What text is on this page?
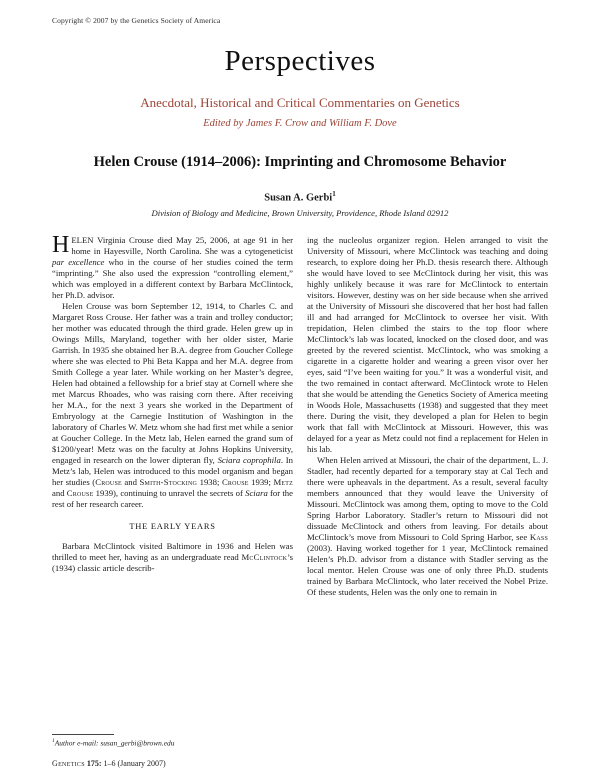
Copyright © 2007 by the Genetics Society of America
Perspectives
Anecdotal, Historical and Critical Commentaries on Genetics
Edited by James F. Crow and William F. Dove
Helen Crouse (1914–2006): Imprinting and Chromosome Behavior
Susan A. Gerbi$^1$
Division of Biology and Medicine, Brown University, Providence, Rhode Island 02912

HELEN Virginia Crouse died May 25, 2006, at age 91 in her home in Hayesville, North Carolina. She was a cytogeneticist par excellence who in the course of her studies coined the term “imprinting.” She also used the expression “controlling element,” which was employed in a different context by Barbara McClintock, her Ph.D. advisor.

Helen Crouse was born September 12, 1914, to Charles C. and Margaret Ross Crouse. Her father was a train and trolley conductor; her mother was educated through the third grade. Helen grew up in Owings Mills, Maryland, together with her older sister, Marie Garrish. In 1935 she obtained her B.A. degree from Goucher College where she was elected to Phi Beta Kappa and her M.A. degree from Smith College a year later. While working on her Master’s degree, Helen had obtained a fellowship for a brief stay at Cornell where she met Marcus Rhoades, who was raising corn there. After receiving her M.A., for the next 3 years she worked in the Department of Embryology at the Carnegie Institution of Washington in the laboratory of Charles W. Metz whom she had first met while a senior at Goucher College. In the Metz lab, Helen earned the grand sum of $1200/year! Metz was on the faculty at Johns Hopkins University, engaged in research on the lower dipteran fly, Sciara coprophila. In Metz’s lab, Helen was introduced to this model organism and began her studies (Crouse and Smith-Stocking 1938; Crouse 1939; Metz and Crouse 1939), continuing to unravel the secrets of Sciara for the rest of her research career.

THE EARLY YEARS

Barbara McClintock visited Baltimore in 1936 and Helen was thrilled to meet her, having as an undergraduate read McClintock’s (1934) classic article describ-

ing the nucleolus organizer region. Helen arranged to visit the University of Missouri, where McClintock was teaching and doing research, to explore doing her Ph.D. thesis research there. Although she would have loved to see McClintock during her visit, this was highly unlikely because it was rare for McClintock to entertain visitors. However, destiny was on her side because when she arrived at the University of Missouri she discovered that her host had fallen ill and had arranged for McClintock to oversee her visit. With trepidation, Helen climbed the stairs to the top floor where McClintock’s lab was located, knocked on the closed door, and was greeted by the revered scientist. McClintock, who was smoking a cigarette in a cigarette holder and wearing a green visor over her eyes, said “I’ve been waiting for you.” It was a wonderful visit, and the two remained in contact afterward. McClintock wrote to Helen that she would be attending the Genetics Society of America meeting in Woods Hole, Massachusetts (1938) and suggested that they meet there. During the visit, they developed a plan for Helen to begin work that fall with McClintock at Missouri. However, this was delayed for a year as Metz could not find a replacement for Helen in his lab.

When Helen arrived at Missouri, the chair of the department, L. J. Stadler, had recently departed for a temporary stay at Cal Tech and there were upheavals in the department. As a result, several faculty members announced that they would leave the University of Missouri. McClintock was among them, opting to move to the Cold Spring Harbor Laboratory. Stadler’s return to Missouri did not dissuade McClintock and others from leaving. For details about McClintock’s move from Missouri to Cold Spring Harbor, see Kass (2003). Having worked together for 1 year, McClintock remained Helen’s Ph.D. advisor from a distance with Stadler serving as the local mentor. Helen Crouse was one of only three Ph.D. students trained by Barbara McClintock, who later received the Nobel Prize. Of these students, Helen was the only one to remain in

$^1$Author e-mail: susan_gerbi@brown.edu
Genetics 175: 1–6 (January 2007)
